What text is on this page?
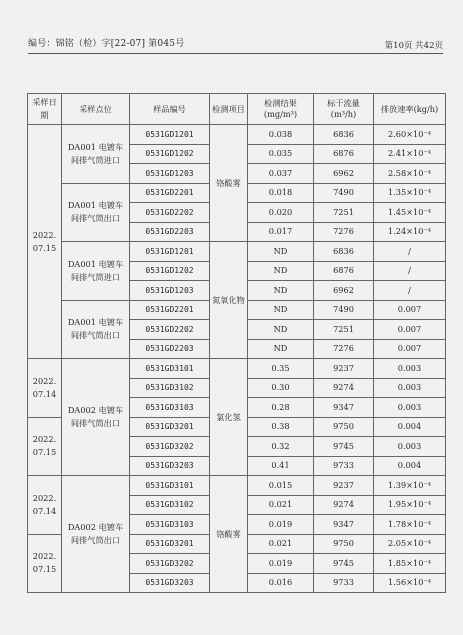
编号：锦铭（检）字[22-07] 第045号	第10页 共42页
采样日期	采样点位	样品编号	检测项目	检测结果(mg/m³)	标干流量(m³/h)	排放速率(kg/h)
2022.
07.15	DA001 电镀车间排气筒进口	0531GD1201	铬酸雾	0.038	6836	2.60×10⁻⁴
		0531GD1202		0.035	6876	2.41×10⁻⁴
		0531GD1203		0.037	6962	2.58×10⁻⁴
	DA001 电镀车间排气筒出口	0531GD2201		0.018	7490	1.35×10⁻⁴
		0531GD2202		0.020	7251	1.45×10⁻⁴
		0531GD2203		0.017	7276	1.24×10⁻⁴
	DA001 电镀车间排气筒进口	0531GD1201	氮氧化物	ND	6836	/
		0531GD1202		ND	6876	/
		0531GD1203		ND	6962	/
	DA001 电镀车间排气筒出口	0531GD2201		ND	7490	0.007
		0531GD2202		ND	7251	0.007
		0531GD2203		ND	7276	0.007
2022.
07.14	DA002 电镀车间排气筒出口	0531GD3101	氯化氢	0.35	9237	0.003
		0531GD3102		0.30	9274	0.003
		0531GD3103		0.28	9347	0.003
2022.
07.15		0531GD3201		0.38	9750	0.004
		0531GD3202		0.32	9745	0.003
		0531GD3203		0.41	9733	0.004
2022.
07.14	DA002 电镀车间排气筒出口	0531GD3101	铬酸雾	0.015	9237	1.39×10⁻⁴
		0531GD3102		0.021	9274	1.95×10⁻⁴
		0531GD3103		0.019	9347	1.78×10⁻⁴
2022.
07.15		0531GD3201		0.021	9750	2.05×10⁻⁴
		0531GD3202		0.019	9745	1.85×10⁻⁴
		0531GD3203		0.016	9733	1.56×10⁻⁴
